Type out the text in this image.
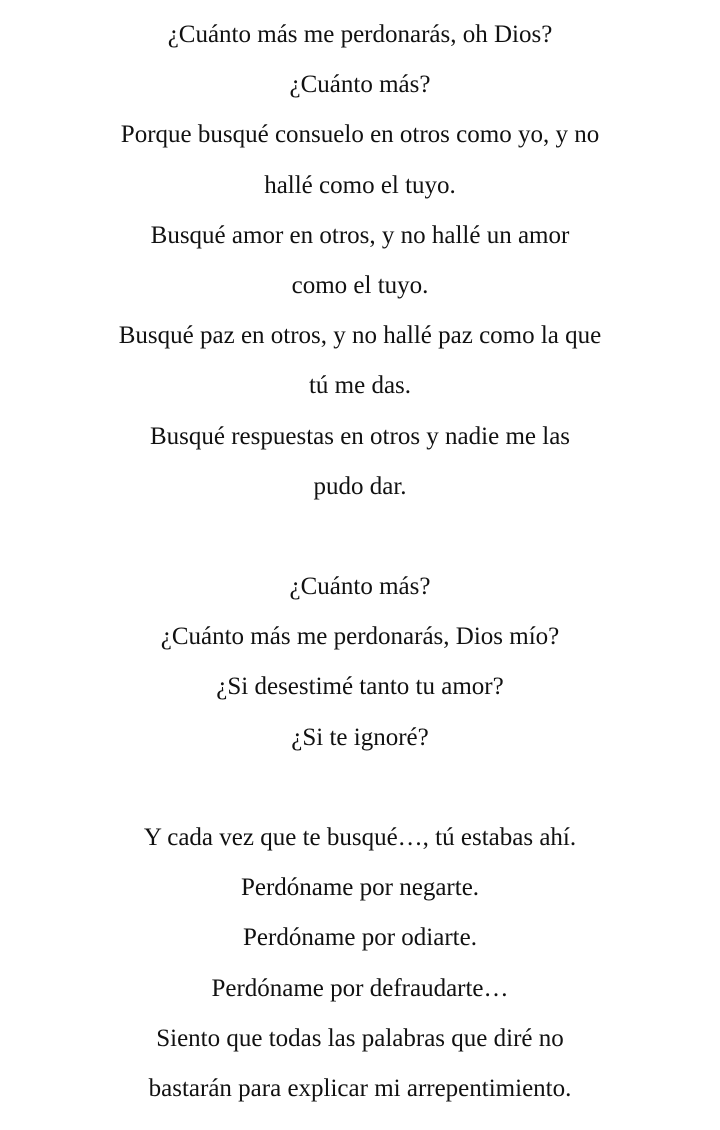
¿Cuánto más me perdonarás, oh Dios?
¿Cuánto más?
Porque busqué consuelo en otros como yo, y no
hallé como el tuyo.
Busqué amor en otros, y no hallé un amor
como el tuyo.
Busqué paz en otros, y no hallé paz como la que
tú me das.
Busqué respuestas en otros y nadie me las
pudo dar.
¿Cuánto más?
¿Cuánto más me perdonarás, Dios mío?
¿Si desestimé tanto tu amor?
¿Si te ignoré?
Y cada vez que te busqué…, tú estabas ahí.
Perdóname por negarte.
Perdóname por odiarte.
Perdóname por defraudarte…
Siento que todas las palabras que diré no
bastarán para explicar mi arrepentimiento.
